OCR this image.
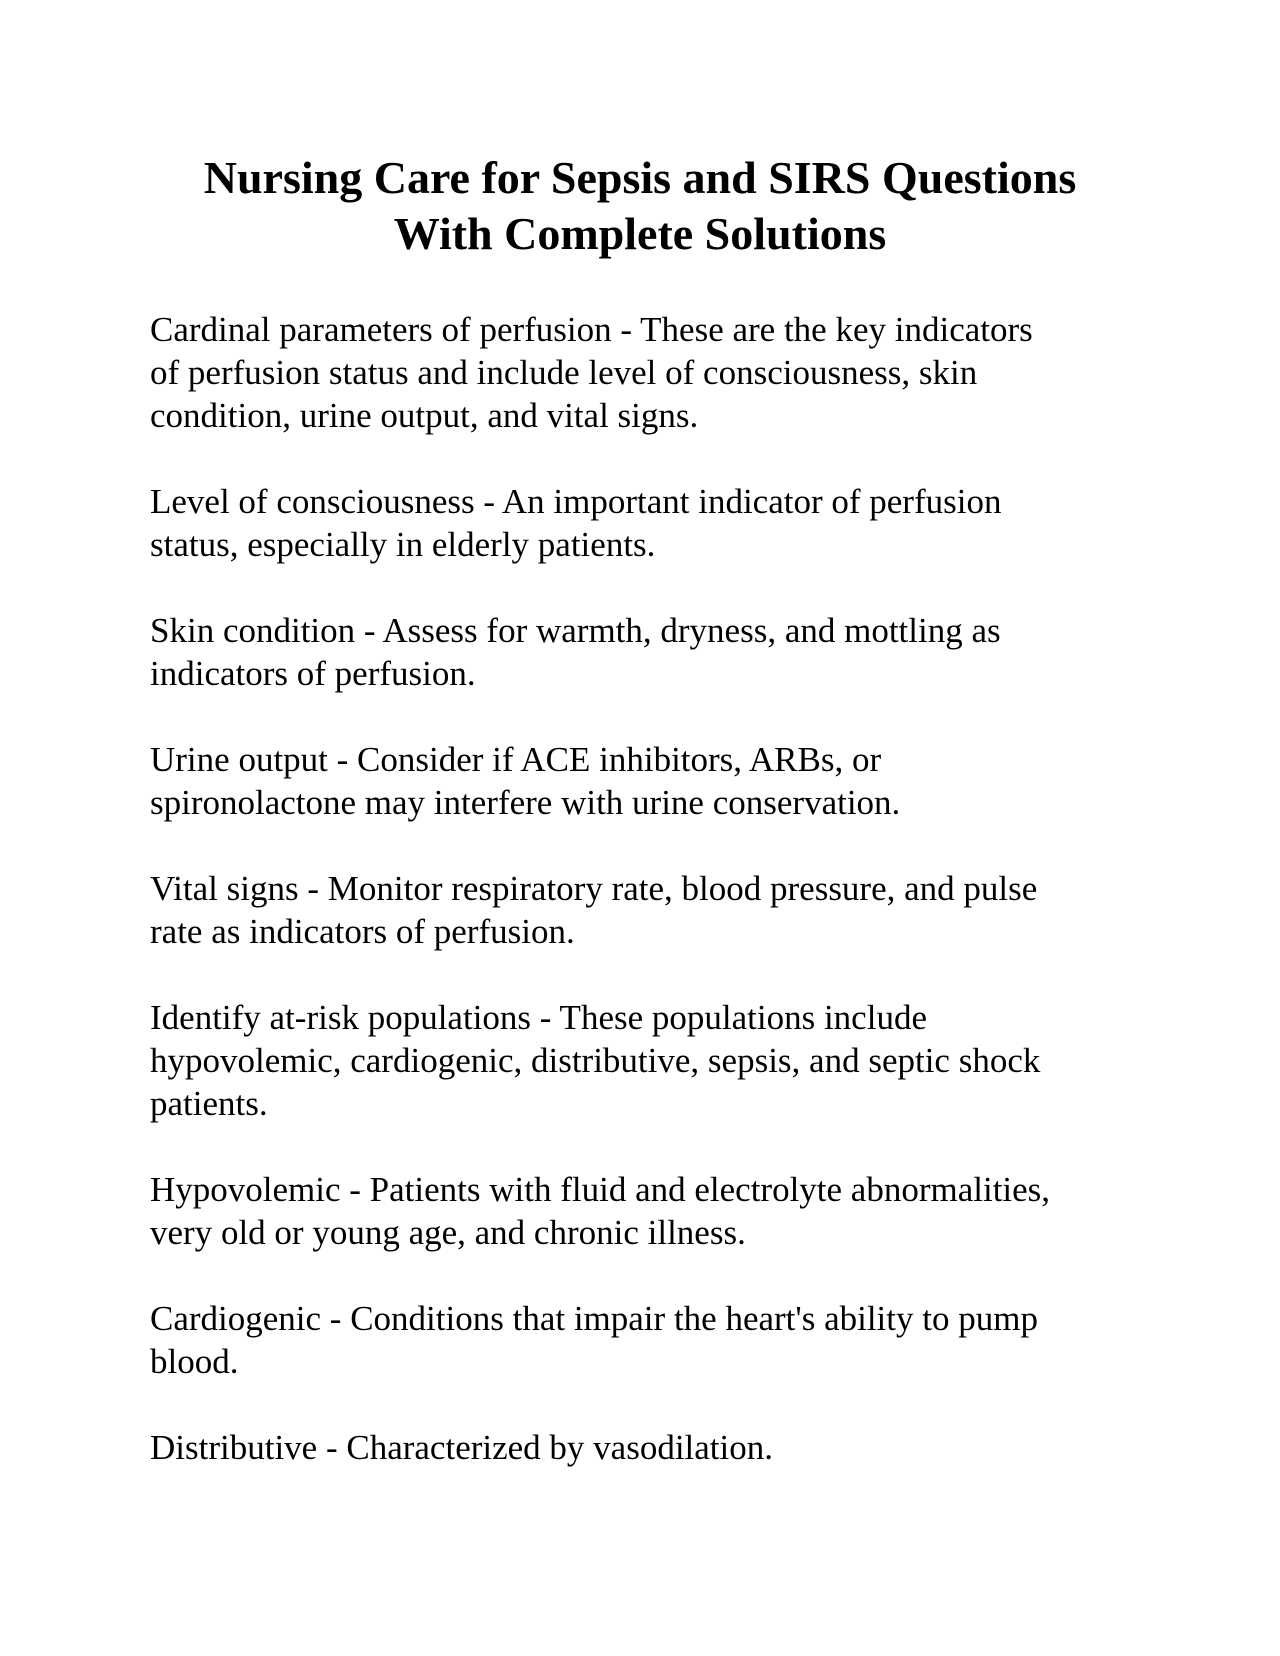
Nursing Care for Sepsis and SIRS Questions
With Complete Solutions

Cardinal parameters of perfusion - These are the key indicators
of perfusion status and include level of consciousness, skin
condition, urine output, and vital signs.

Level of consciousness - An important indicator of perfusion
status, especially in elderly patients.

Skin condition - Assess for warmth, dryness, and mottling as
indicators of perfusion.

Urine output - Consider if ACE inhibitors, ARBs, or
spironolactone may interfere with urine conservation.

Vital signs - Monitor respiratory rate, blood pressure, and pulse
rate as indicators of perfusion.

Identify at-risk populations - These populations include
hypovolemic, cardiogenic, distributive, sepsis, and septic shock
patients.

Hypovolemic - Patients with fluid and electrolyte abnormalities,
very old or young age, and chronic illness.

Cardiogenic - Conditions that impair the heart's ability to pump
blood.

Distributive - Characterized by vasodilation.
